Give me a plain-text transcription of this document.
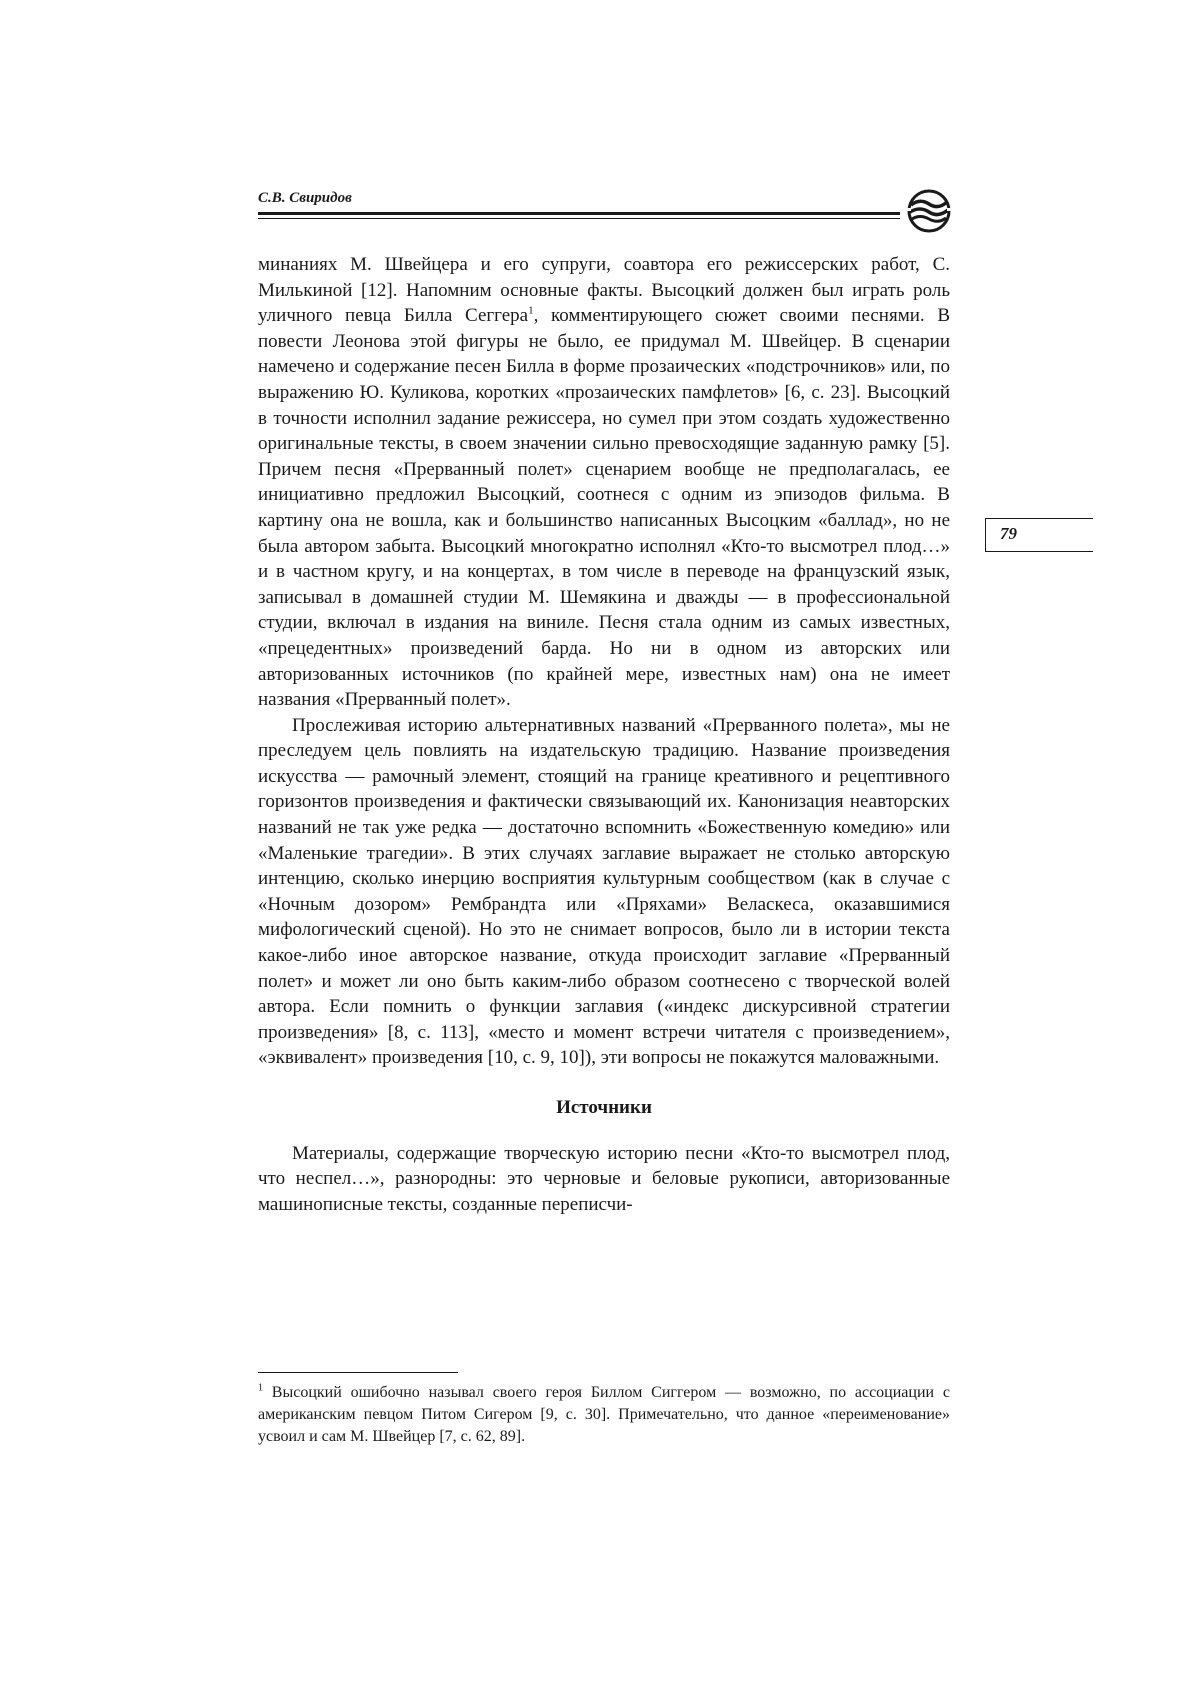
С.В. Свиридов
79

минаниях М. Швейцера и его супруги, соавтора его режиссерских работ, С. Милькиной [12]. Напомним основные факты. Высоцкий должен был играть роль уличного певца Билла Сеггера$^1$, комментирующего сюжет своими песнями. В повести Леонова этой фигуры не было, ее придумал М. Швейцер. В сценарии намечено и содержание песен Билла в форме прозаических «подстрочников» или, по выражению Ю. Куликова, коротких «прозаических памфлетов» [6, с. 23]. Высоцкий в точности исполнил задание режиссера, но сумел при этом создать художественно оригинальные тексты, в своем значении сильно превосходящие заданную рамку [5]. Причем песня «Прерванный полет» сценарием вообще не предполагалась, ее инициативно предложил Высоцкий, соотнеся с одним из эпизодов фильма. В картину она не вошла, как и большинство написанных Высоцким «баллад», но не была автором забыта. Высоцкий многократно исполнял «Кто-то высмотрел плод…» и в частном кругу, и на концертах, в том числе в переводе на французский язык, записывал в домашней студии М. Шемякина и дважды — в профессиональной студии, включал в издания на виниле. Песня стала одним из самых известных, «прецедентных» произведений барда. Но ни в одном из авторских или авторизованных источников (по крайней мере, известных нам) она не имеет названия «Прерванный полет».

Прослеживая историю альтернативных названий «Прерванного полета», мы не преследуем цель повлиять на издательскую традицию. Название произведения искусства — рамочный элемент, стоящий на границе креативного и рецептивного горизонтов произведения и фактически связывающий их. Канонизация неавторских названий не так уже редка — достаточно вспомнить «Божественную комедию» или «Маленькие трагедии». В этих случаях заглавие выражает не столько авторскую интенцию, сколько инерцию восприятия культурным сообществом (как в случае с «Ночным дозором» Рембрандта или «Пряхами» Веласкеса, оказавшимися мифологический сценой). Но это не снимает вопросов, было ли в истории текста какое-либо иное авторское название, откуда происходит заглавие «Прерванный полет» и может ли оно быть каким-либо образом соотнесено с творческой волей автора. Если помнить о функции заглавия («индекс дискурсивной стратегии произведения» [8, с. 113], «место и момент встречи читателя с произведением», «эквивалент» произведения [10, с. 9, 10]), эти вопросы не покажутся маловажными.

Источники

Материалы, содержащие творческую историю песни «Кто-то высмотрел плод, что неспел…», разнородны: это черновые и беловые рукописи, авторизованные машинописные тексты, созданные переписчи-

$^1$ Высоцкий ошибочно называл своего героя Биллом Сиггером — возможно, по ассоциации с американским певцом Питом Сигером [9, с. 30]. Примечательно, что данное «переименование» усвоил и сам М. Швейцер [7, с. 62, 89].
